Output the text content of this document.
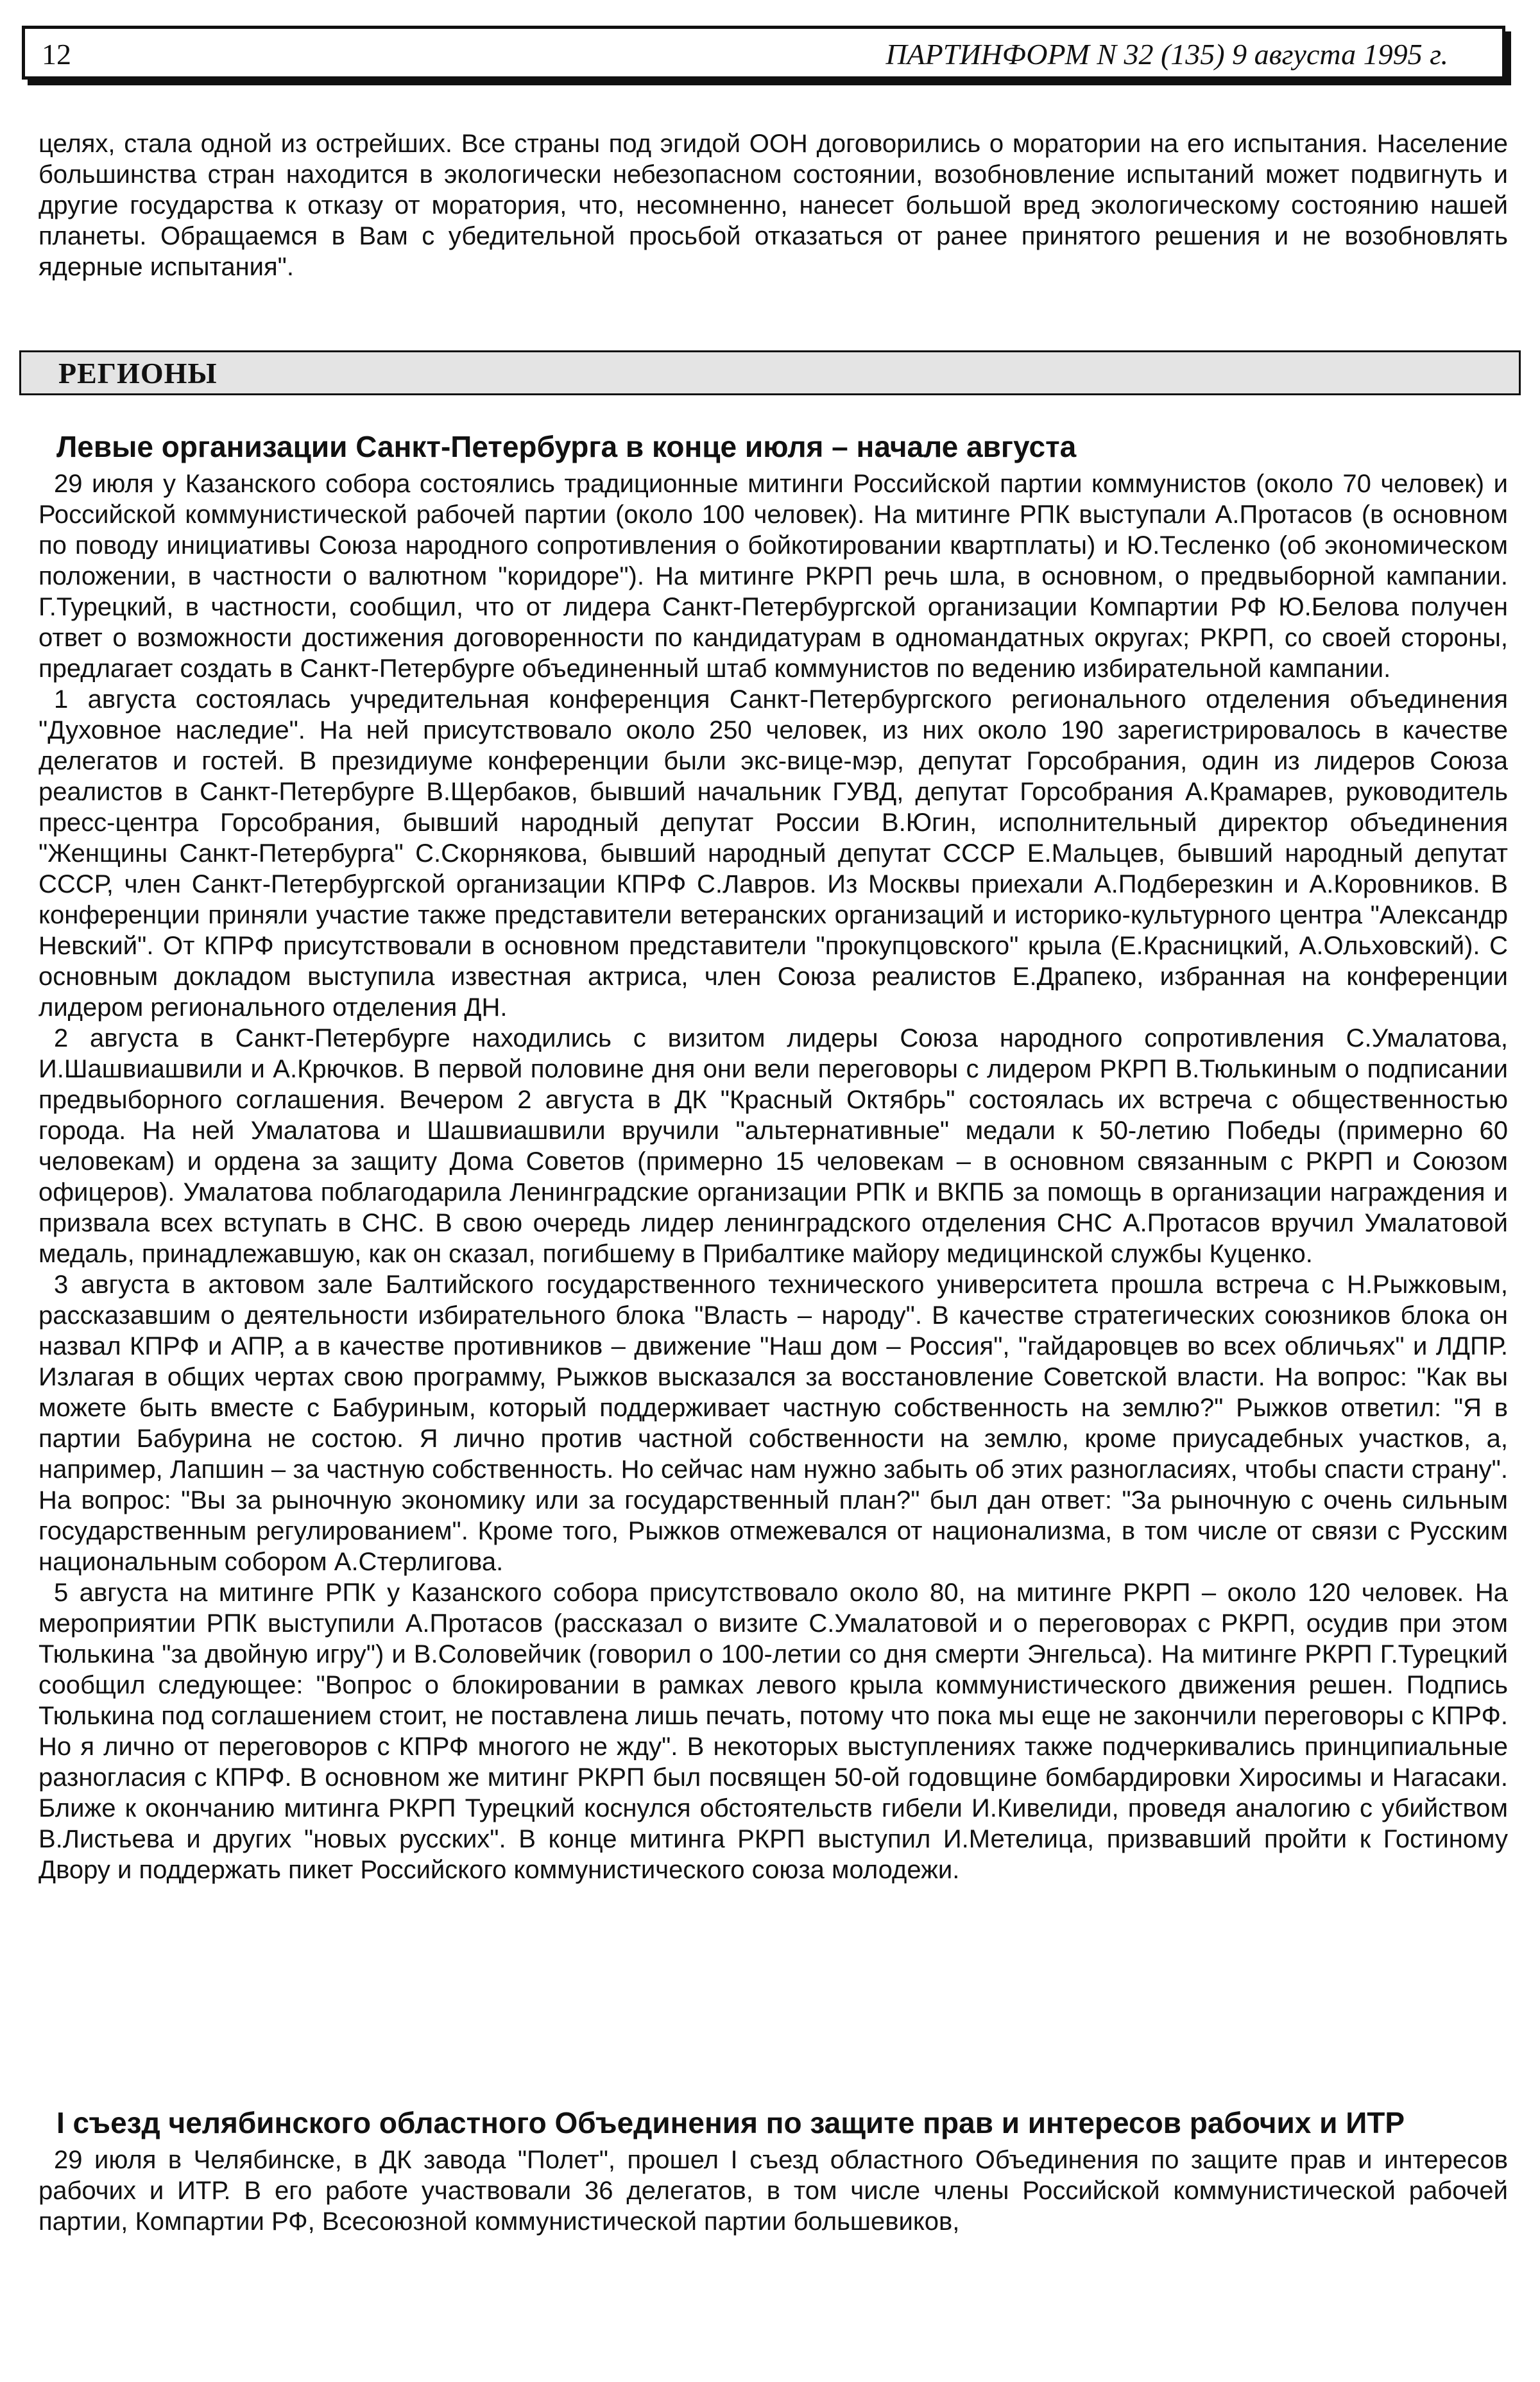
12	ПАРТИНФОРМ N 32 (135) 9 августа 1995 г.

целях, стала одной из острейших. Все страны под эгидой ООН договорились о моратории на его испытания. Население большинства стран находится в экологически небезопасном состоянии, возобновление испытаний может подвигнуть и другие государства к отказу от моратория, что, несомненно, нанесет большой вред экологическому состоянию нашей планеты. Обращаемся в Вам с убедительной просьбой отказаться от ранее принятого решения и не возобновлять ядерные испытания".

РЕГИОНЫ
Левые организации Санкт-Петербурга в конце июля – начале августа

29 июля у Казанского собора состоялись традиционные митинги Российской партии коммунистов (около 70 человек) и Российской коммунистической рабочей партии (около 100 человек). На митинге РПК выступали А.Протасов (в основном по поводу инициативы Союза народного сопротивления о бойкотировании квартплаты) и Ю.Тесленко (об экономическом положении, в частности о валютном "коридоре"). На митинге РКРП речь шла, в основном, о предвыборной кампании. Г.Турецкий, в частности, сообщил, что от лидера Санкт-Петербургской организации Компартии РФ Ю.Белова получен ответ о возможности достижения договоренности по кандидатурам в одномандатных округах; РКРП, со своей стороны, предлагает создать в Санкт-Петербурге объединенный штаб коммунистов по ведению избирательной кампании.

1 августа состоялась учредительная конференция Санкт-Петербургского регионального отделения объединения "Духовное наследие". На ней присутствовало около 250 человек, из них около 190 зарегистрировалось в качестве делегатов и гостей. В президиуме конференции были экс-вице-мэр, депутат Горсобрания, один из лидеров Союза реалистов в Санкт-Петербурге В.Щербаков, бывший начальник ГУВД, депутат Горсобрания А.Крамарев, руководитель пресс-центра Горсобрания, бывший народный депутат России В.Югин, исполнительный директор объединения "Женщины Санкт-Петербурга" С.Скорнякова, бывший народный депутат СССР Е.Мальцев, бывший народный депутат СССР, член Санкт-Петербургской организации КПРФ С.Лавров. Из Москвы приехали А.Подберезкин и А.Коровников. В конференции приняли участие также представители ветеранских организаций и историко-культурного центра "Александр Невский". От КПРФ присутствовали в основном представители "прокупцовского" крыла (Е.Красницкий, А.Ольховский). С основным докладом выступила известная актриса, член Союза реалистов Е.Драпеко, избранная на конференции лидером регионального отделения ДН.

2 августа в Санкт-Петербурге находились с визитом лидеры Союза народного сопротивления С.Умалатова, И.Шашвиашвили и А.Крючков. В первой половине дня они вели переговоры с лидером РКРП В.Тюлькиным о подписании предвыборного соглашения. Вечером 2 августа в ДК "Красный Октябрь" состоялась их встреча с общественностью города. На ней Умалатова и Шашвиашвили вручили "альтернативные" медали к 50-летию Победы (примерно 60 человекам) и ордена за защиту Дома Советов (примерно 15 человекам – в основном связанным с РКРП и Союзом офицеров). Умалатова поблагодарила Ленинградские организации РПК и ВКПБ за помощь в организации награждения и призвала всех вступать в СНС. В свою очередь лидер ленинградского отделения СНС А.Протасов вручил Умалатовой медаль, принадлежавшую, как он сказал, погибшему в Прибалтике майору медицинской службы Куценко.

3 августа в актовом зале Балтийского государственного технического университета прошла встреча с Н.Рыжковым, рассказавшим о деятельности избирательного блока "Власть – народу". В качестве стратегических союзников блока он назвал КПРФ и АПР, а в качестве противников – движение "Наш дом – Россия", "гайдаровцев во всех обличьях" и ЛДПР. Излагая в общих чертах свою программу, Рыжков высказался за восстановление Советской власти. На вопрос: "Как вы можете быть вместе с Бабуриным, который поддерживает частную собственность на землю?" Рыжков ответил: "Я в партии Бабурина не состою. Я лично против частной собственности на землю, кроме приусадебных участков, а, например, Лапшин – за частную собственность. Но сейчас нам нужно забыть об этих разногласиях, чтобы спасти страну". На вопрос: "Вы за рыночную экономику или за государственный план?" был дан ответ: "За рыночную с очень сильным государственным регулированием". Кроме того, Рыжков отмежевался от национализма, в том числе от связи с Русским национальным собором А.Стерлигова.

5 августа на митинге РПК у Казанского собора присутствовало около 80, на митинге РКРП – около 120 человек. На мероприятии РПК выступили А.Протасов (рассказал о визите С.Умалатовой и о переговорах с РКРП, осудив при этом Тюлькина "за двойную игру") и В.Соловейчик (говорил о 100-летии со дня смерти Энгельса). На митинге РКРП Г.Турецкий сообщил следующее: "Вопрос о блокировании в рамках левого крыла коммунистического движения решен. Подпись Тюлькина под соглашением стоит, не поставлена лишь печать, потому что пока мы еще не закончили переговоры с КПРФ. Но я лично от переговоров с КПРФ многого не жду". В некоторых выступлениях также подчеркивались принципиальные разногласия с КПРФ. В основном же митинг РКРП был посвящен 50-ой годовщине бомбардировки Хиросимы и Нагасаки. Ближе к окончанию митинга РКРП Турецкий коснулся обстоятельств гибели И.Кивелиди, проведя аналогию с убийством В.Листьева и других "новых русских". В конце митинга РКРП выступил И.Метелица, призвавший пройти к Гостиному Двору и поддержать пикет Российского коммунистического союза молодежи.

I съезд челябинского областного Объединения по защите прав и интересов рабочих и ИТР

29 июля в Челябинске, в ДК завода "Полет", прошел I съезд областного Объединения по защите прав и интересов рабочих и ИТР. В его работе участвовали 36 делегатов, в том числе члены Российской коммунистической рабочей партии, Компартии РФ, Всесоюзной коммунистической партии большевиков,
